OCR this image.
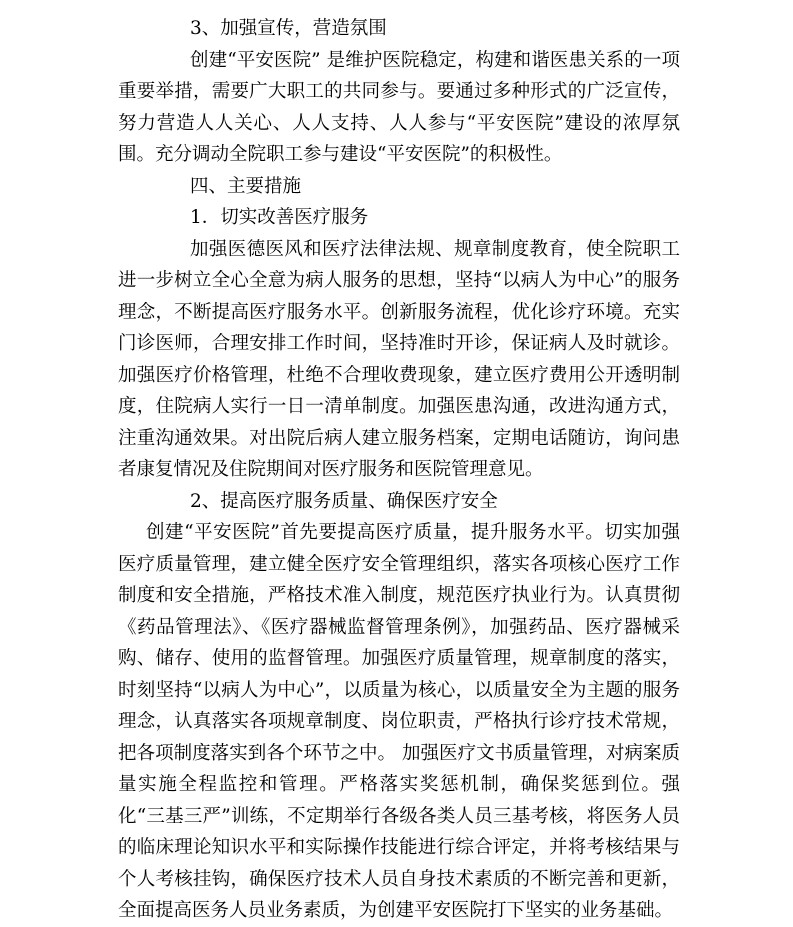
3、加强宣传，营造氛围

创建“平安医院” 是维护医院稳定，构建和谐医患关系的一项重要举措，需要广大职工的共同参与。要通过多种形式的广泛宣传，努力营造人人关心、人人支持、人人参与“平安医院”建设的浓厚氛围。充分调动全院职工参与建设“平安医院”的积极性。

四、主要措施

1．切实改善医疗服务

加强医德医风和医疗法律法规、规章制度教育，使全院职工进一步树立全心全意为病人服务的思想，坚持“以病人为中心”的服务理念，不断提高医疗服务水平。创新服务流程，优化诊疗环境。充实门诊医师，合理安排工作时间，坚持准时开诊，保证病人及时就诊。加强医疗价格管理，杜绝不合理收费现象，建立医疗费用公开透明制度，住院病人实行一日一清单制度。加强医患沟通，改进沟通方式，注重沟通效果。对出院后病人建立服务档案，定期电话随访，询问患者康复情况及住院期间对医疗服务和医院管理意见。

2、提高医疗服务质量、确保医疗安全

创建“平安医院”首先要提高医疗质量，提升服务水平。切实加强医疗质量管理，建立健全医疗安全管理组织，落实各项核心医疗工作制度和安全措施，严格技术准入制度，规范医疗执业行为。认真贯彻《药品管理法》、《医疗器械监督管理条例》，加强药品、医疗器械采购、储存、使用的监督管理。加强医疗质量管理，规章制度的落实，时刻坚持“以病人为中心”，以质量为核心，以质量安全为主题的服务理念，认真落实各项规章制度、岗位职责，严格执行诊疗技术常规，把各项制度落实到各个环节之中。 加强医疗文书质量管理，对病案质量实施全程监控和管理。严格落实奖惩机制，确保奖惩到位。强化“三基三严”训练，不定期举行各级各类人员三基考核，将医务人员的临床理论知识水平和实际操作技能进行综合评定，并将考核结果与个人考核挂钩，确保医疗技术人员自身技术素质的不断完善和更新，全面提高医务人员业务素质，为创建平安医院打下坚实的业务基础。
